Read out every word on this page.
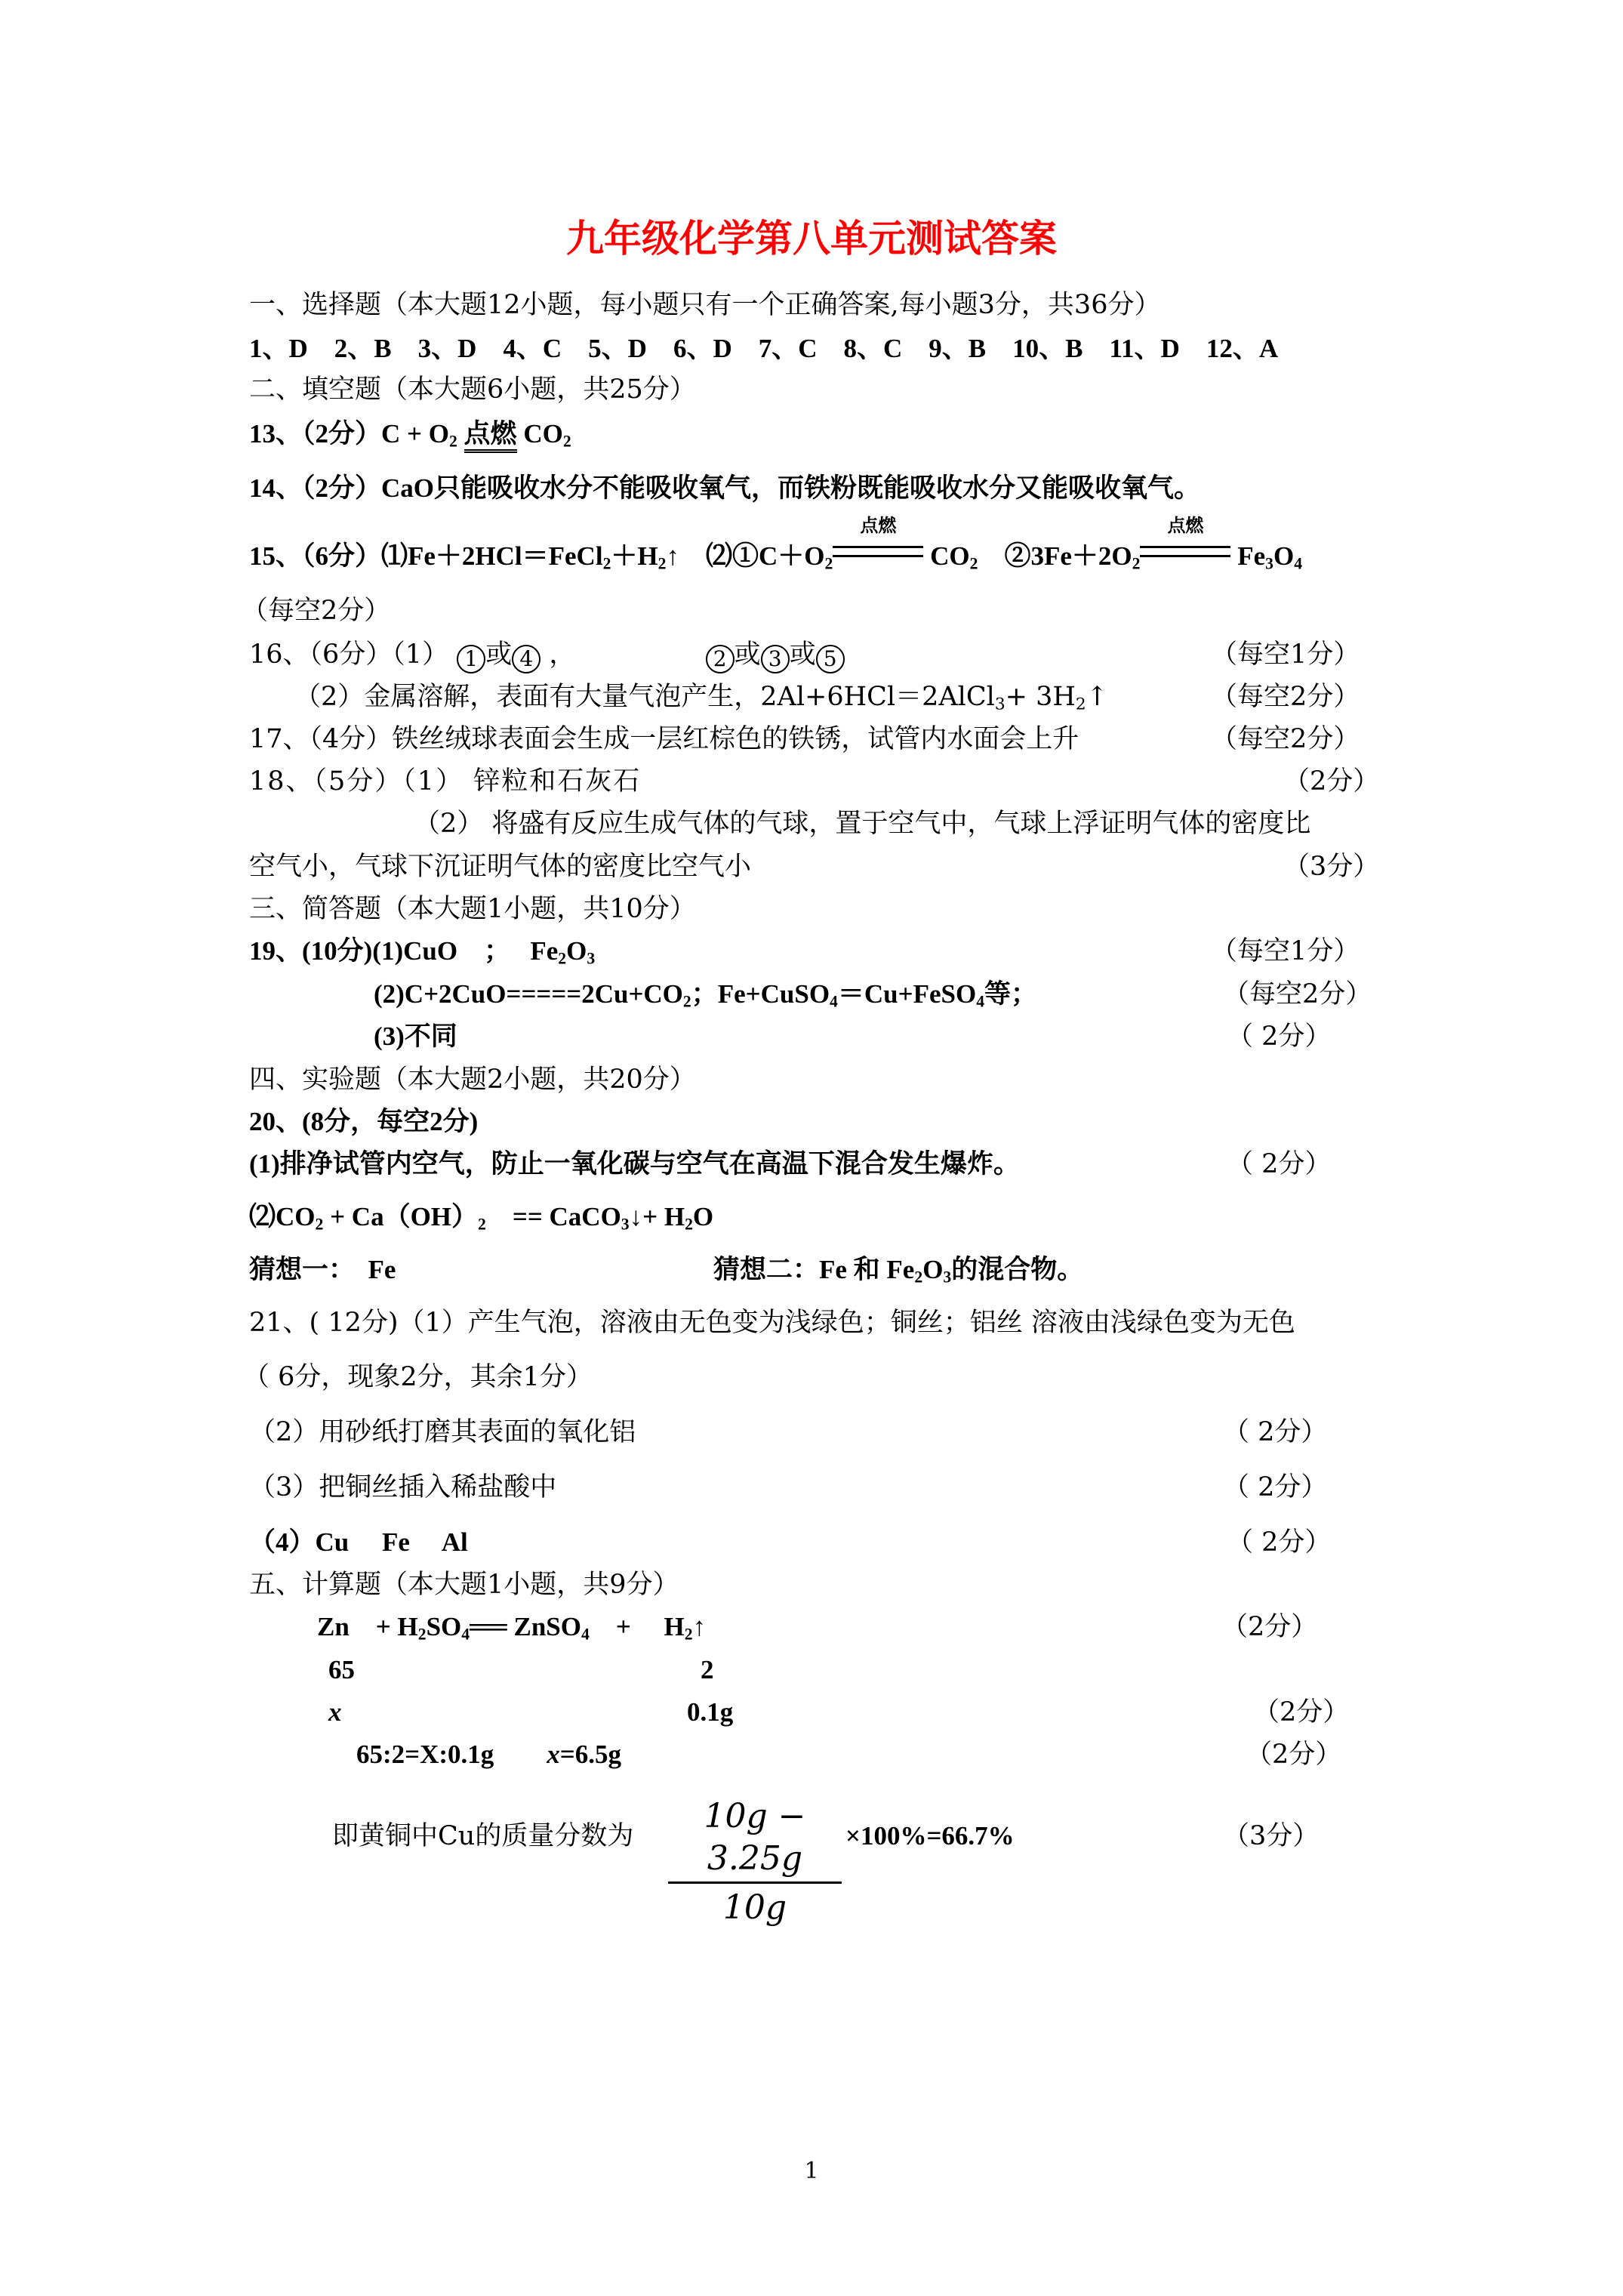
九年级化学第八单元测试答案
一、选择题（本大题12小题，每小题只有一个正确答案,每小题3分，共36分）
1、D　2、B　3、D　4、C　5、D　6、D　7、C　8、C　9、B　10、B　11、D　12、A
二、填空题（本大题6小题，共25分）
13、（2分）$C + O_2$ 点燃 $CO_2$
14、（2分）CaO只能吸收水分不能吸收氧气，而铁粉既能吸收水分又能吸收氧气。
15、（6分）$⑴Fe+2HCl=FeCl_2+H_2↑$　$⑵①C+O_2$
点燃
$CO_2$　 $②3Fe+2O_2$
点燃
$Fe_3O_4$
（每空2分）
16、（6分）（1） 1 或 4 ，	2 或 3 或 5	（每空1分）
（2）金属溶解，表面有大量气泡产生，2Al+6HCl＝2AlCl$_3$+ $3H_2↑$	（每空2分）
17、（4分）铁丝绒球表面会生成一层红棕色的铁锈，试管内水面会上升	（每空2分）
18、（5分）（1） 锌粒和石灰石	（2分）
（2） 将盛有反应生成气体的气球，置于空气中，气球上浮证明气体的密度比
空气小，气球下沉证明气体的密度比空气小	（3分）
三、简答题（本大题1小题，共10分）
19、(10分)(1)CuO　；　 $Fe_2O_3$	（每空1分）
$(2)C+2CuO=====2Cu+CO_2$；Fe+CuSO$_4$＝Cu+FeSO$_4$等；	（每空2分）
(3)不同	（ 2分）
四、实验题（本大题2小题，共20分）
20、(8分，每空2分)
(1)排净试管内空气，防止一氧化碳与空气在高温下混合发生爆炸。	（ 2分）
$⑵CO_2 + Ca(OH)_2$　== CaCO$_3$↓+ $H_2O$
猜想一：　Fe	猜想二：Fe 和 $Fe_2O_3$的混合物。
21、( 12分)（1）产生气泡，溶液由无色变为浅绿色；铜丝；铝丝 溶液由浅绿色变为无色
（ 6分，现象2分，其余1分）
（2）用砂纸打磨其表面的氧化铝	（ 2分）
（3）把铜丝插入稀盐酸中	（ 2分）
（4）Cu　 Fe　 Al	（ 2分）
五、计算题（本大题1小题，共9分）
Zn　+ $H_2SO_4══$ ZnSO$_4$　+　 $H_2↑$	（2分）
65	2
x	0.1g	（2分）
65:2=X:0.1g　　 x=6.5g	（2分）
即黄铜中Cu的质量分数为
10g − 3.25g
10g
×100%=66.7%	（3分）
1
